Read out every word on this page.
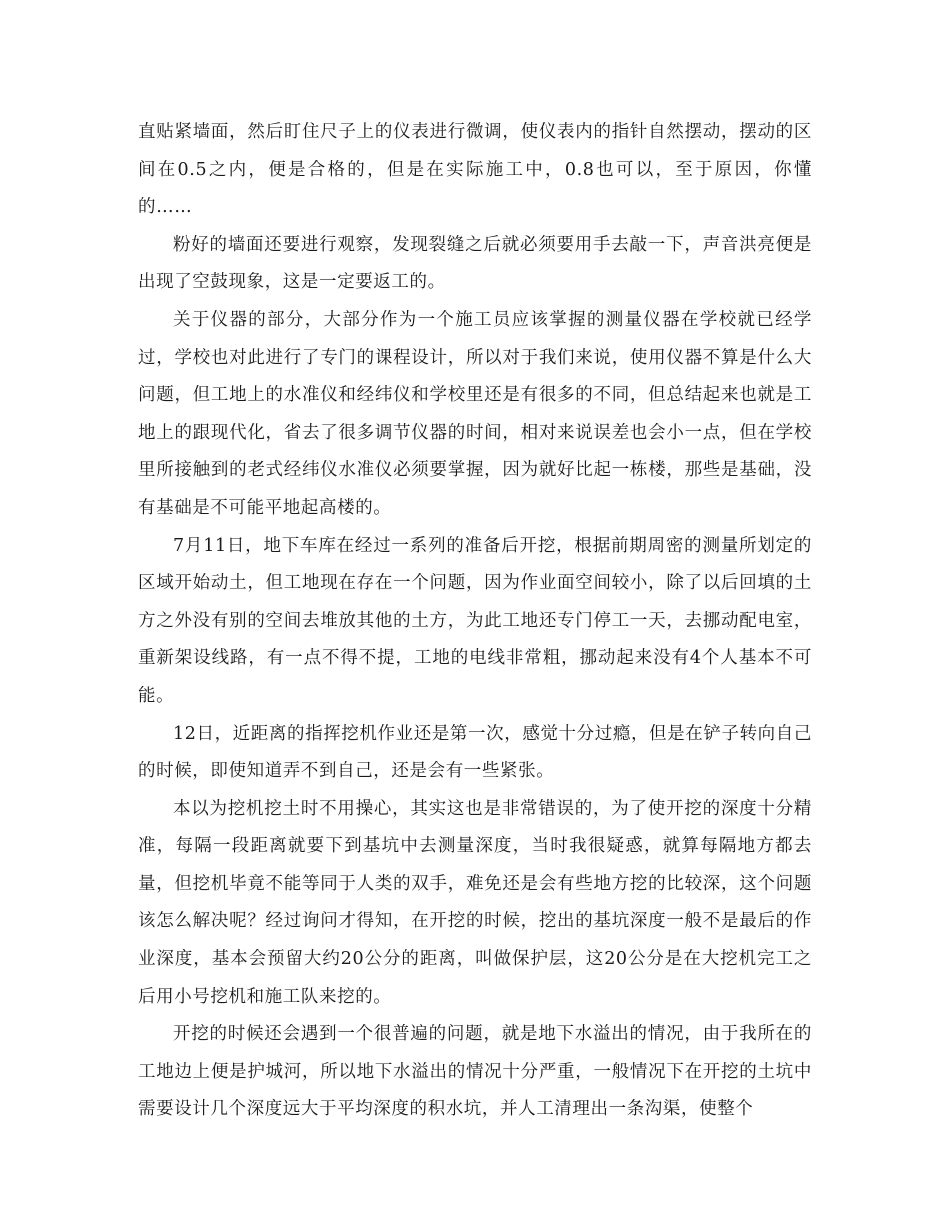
直贴紧墙面，然后盯住尺子上的仪表进行微调，使仪表内的指针自然摆动，摆动的区间在0.5之内，便是合格的，但是在实际施工中，0.8也可以，至于原因，你懂的……

粉好的墙面还要进行观察，发现裂缝之后就必须要用手去敲一下，声音洪亮便是出现了空鼓现象，这是一定要返工的。

关于仪器的部分，大部分作为一个施工员应该掌握的测量仪器在学校就已经学过，学校也对此进行了专门的课程设计，所以对于我们来说，使用仪器不算是什么大问题，但工地上的水准仪和经纬仪和学校里还是有很多的不同，但总结起来也就是工地上的跟现代化，省去了很多调节仪器的时间，相对来说误差也会小一点，但在学校里所接触到的老式经纬仪水准仪必须要掌握，因为就好比起一栋楼，那些是基础，没有基础是不可能平地起高楼的。

7月11日，地下车库在经过一系列的准备后开挖，根据前期周密的测量所划定的区域开始动土，但工地现在存在一个问题，因为作业面空间较小，除了以后回填的土方之外没有别的空间去堆放其他的土方，为此工地还专门停工一天，去挪动配电室，重新架设线路，有一点不得不提，工地的电线非常粗，挪动起来没有4个人基本不可能。

12日，近距离的指挥挖机作业还是第一次，感觉十分过瘾，但是在铲子转向自己的时候，即使知道弄不到自己，还是会有一些紧张。

本以为挖机挖土时不用操心，其实这也是非常错误的，为了使开挖的深度十分精准，每隔一段距离就要下到基坑中去测量深度，当时我很疑惑，就算每隔地方都去量，但挖机毕竟不能等同于人类的双手，难免还是会有些地方挖的比较深，这个问题该怎么解决呢？经过询问才得知，在开挖的时候，挖出的基坑深度一般不是最后的作业深度，基本会预留大约20公分的距离，叫做保护层，这20公分是在大挖机完工之后用小号挖机和施工队来挖的。

开挖的时候还会遇到一个很普遍的问题，就是地下水溢出的情况，由于我所在的工地边上便是护城河，所以地下水溢出的情况十分严重，一般情况下在开挖的土坑中需要设计几个深度远大于平均深度的积水坑，并人工清理出一条沟渠，使整个
